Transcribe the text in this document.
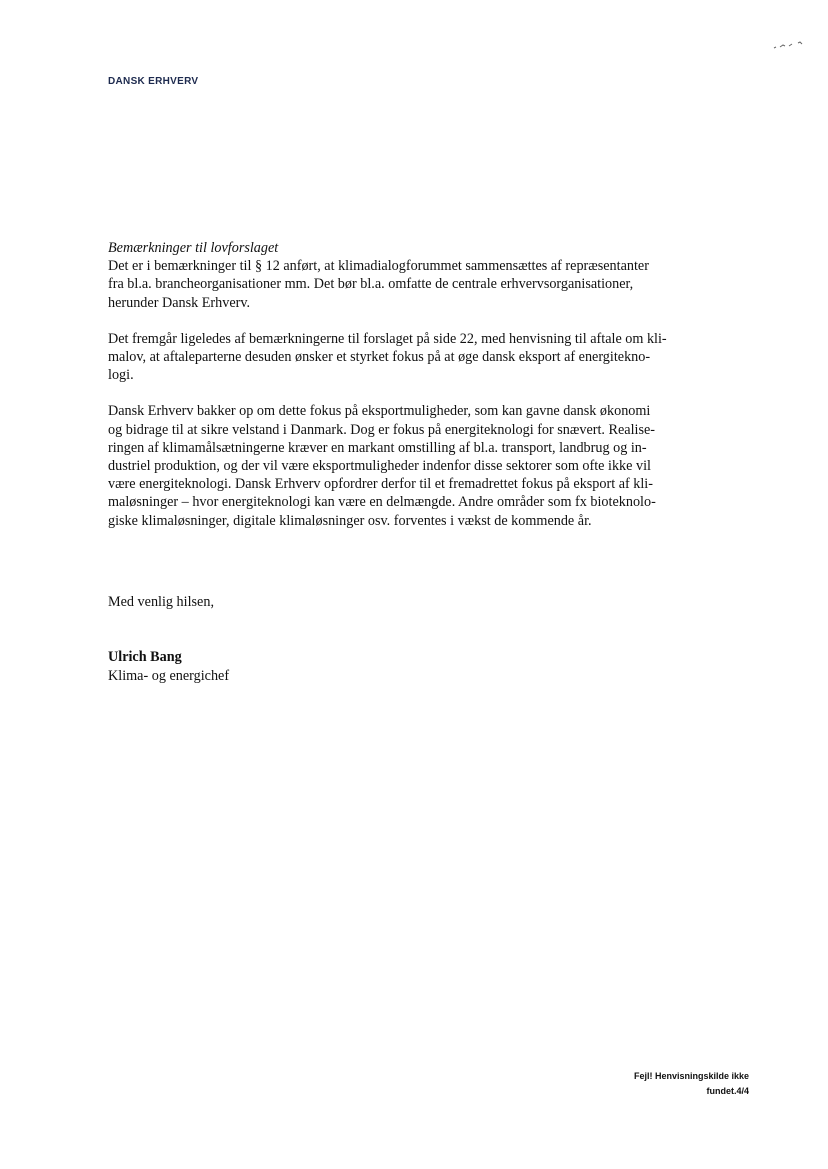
DANSK ERHVERV

Bemærkninger til lovforslaget

Det er i bemærkninger til § 12 anført, at klimadialogforummet sammensættes af repræsentanter
fra bl.a. brancheorganisationer mm. Det bør bl.a. omfatte de centrale erhvervsorganisationer,
herunder Dansk Erhverv.

Det fremgår ligeledes af bemærkningerne til forslaget på side 22, med henvisning til aftale om kli-
malov, at aftaleparterne desuden ønsker et styrket fokus på at øge dansk eksport af energitekno-
logi.

Dansk Erhverv bakker op om dette fokus på eksportmuligheder, som kan gavne dansk økonomi
og bidrage til at sikre velstand i Danmark. Dog er fokus på energiteknologi for snævert. Realise-
ringen af klimamålsætningerne kræver en markant omstilling af bl.a. transport, landbrug og in-
dustriel produktion, og der vil være eksportmuligheder indenfor disse sektorer som ofte ikke vil
være energiteknologi. Dansk Erhverv opfordrer derfor til et fremadrettet fokus på eksport af kli-
maløsninger – hvor energiteknologi kan være en delmængde. Andre områder som fx bioteknolo-
giske klimaløsninger, digitale klimaløsninger osv. forventes i vækst de kommende år.

Med venlig hilsen,
Ulrich Bang
Klima- og energichef
Fejl! Henvisningskilde ikke
fundet.4/4
